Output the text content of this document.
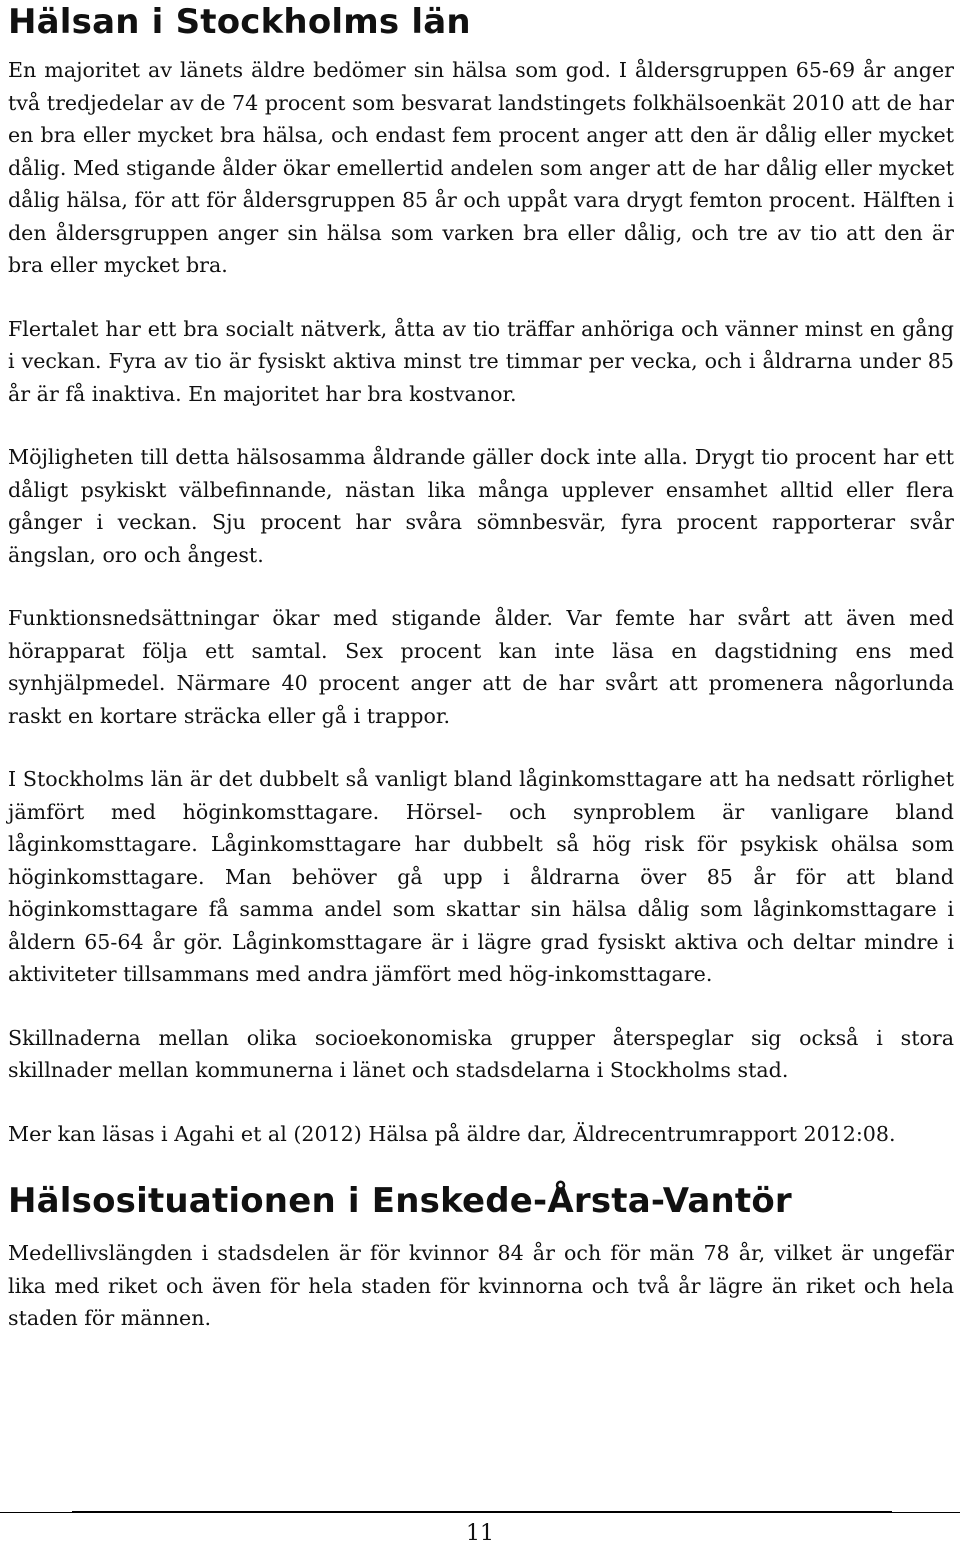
Hälsan i Stockholms län

En majoritet av länets äldre bedömer sin hälsa som god. I åldersgruppen 65-69 år anger två tredjedelar av de 74 procent som besvarat landstingets folkhälsoenkät 2010 att de har en bra eller mycket bra hälsa, och endast fem procent anger att den är dålig eller mycket dålig. Med stigande ålder ökar emellertid andelen som anger att de har dålig eller mycket dålig hälsa, för att för åldersgruppen 85 år och uppåt vara drygt femton procent. Hälften i den åldersgruppen anger sin hälsa som varken bra eller dålig, och tre av tio att den är bra eller mycket bra.

Flertalet har ett bra socialt nätverk, åtta av tio träffar anhöriga och vänner minst en gång i veckan. Fyra av tio är fysiskt aktiva minst tre timmar per vecka, och i åldrarna under 85 år är få inaktiva. En majoritet har bra kostvanor.

Möjligheten till detta hälsosamma åldrande gäller dock inte alla. Drygt tio procent har ett dåligt psykiskt välbefinnande, nästan lika många upplever ensamhet alltid eller flera gånger i veckan. Sju procent har svåra sömnbesvär, fyra procent rapporterar svår ängslan, oro och ångest.

Funktionsnedsättningar ökar med stigande ålder. Var femte har svårt att även med hörapparat följa ett samtal. Sex procent kan inte läsa en dagstidning ens med synhjälpmedel. Närmare 40 procent anger att de har svårt att promenera någorlunda raskt en kortare sträcka eller gå i trappor.

I Stockholms län är det dubbelt så vanligt bland låginkomsttagare att ha nedsatt rörlighet jämfört med höginkomsttagare. Hörsel- och synproblem är vanligare bland låginkomsttagare. Låginkomsttagare har dubbelt så hög risk för psykisk ohälsa som höginkomsttagare. Man behöver gå upp i åldrarna över 85 år för att bland höginkomsttagare få samma andel som skattar sin hälsa dålig som låginkomsttagare i åldern 65-64 år gör. Låginkomsttagare är i lägre grad fysiskt aktiva och deltar mindre i aktiviteter tillsammans med andra jämfört med hög-inkomsttagare.

Skillnaderna mellan olika socioekonomiska grupper återspeglar sig också i stora skillnader mellan kommunerna i länet och stadsdelarna i Stockholms stad.

Mer kan läsas i Agahi et al (2012) Hälsa på äldre dar, Äldrecentrumrapport 2012:08.

Hälsosituationen i Enskede-Årsta-Vantör

Medellivslängden i stadsdelen är för kvinnor 84 år och för män 78 år, vilket är ungefär lika med riket och även för hela staden för kvinnorna och två år lägre än riket och hela staden för männen.

11
